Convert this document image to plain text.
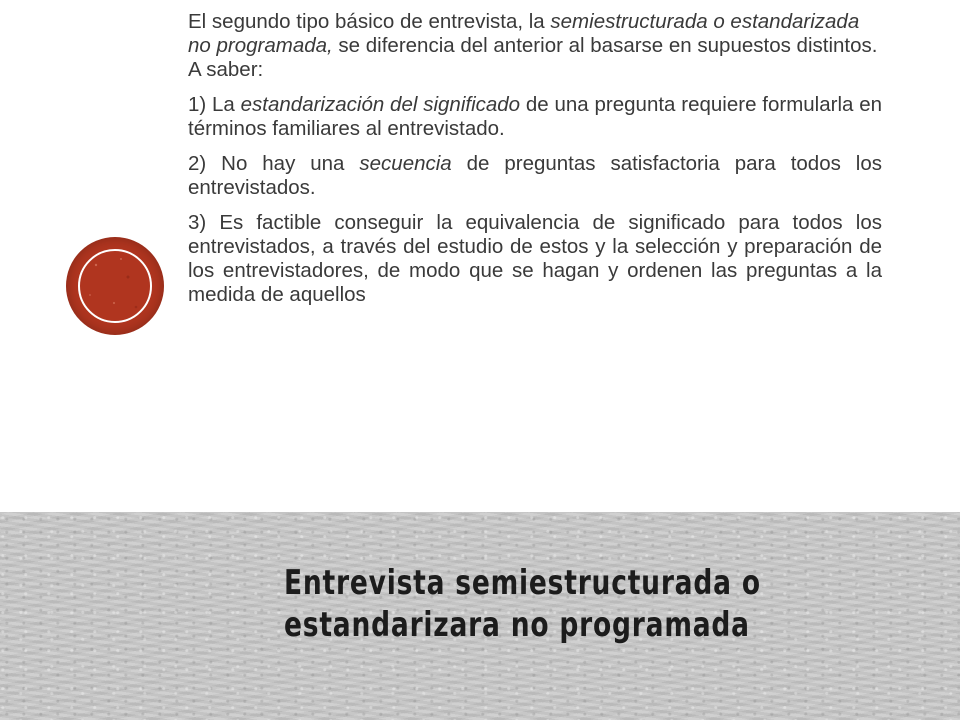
El segundo tipo básico de entrevista, la semiestructurada o estandarizada no programada, se diferencia del anterior al basarse en supuestos distintos. A saber:

1) La estandarización del significado de una pregunta requiere formularla en términos familiares al entrevistado.

2) No hay una secuencia de preguntas satisfactoria para todos los entrevistados.

3) Es factible conseguir la equivalencia de significado para todos los entrevistados, a través del estudio de estos y la selección y preparación de los entrevistadores, de modo que se hagan y ordenen las preguntas a la medida de aquellos

Entrevista semiestructurada o
estandarizara no programada
